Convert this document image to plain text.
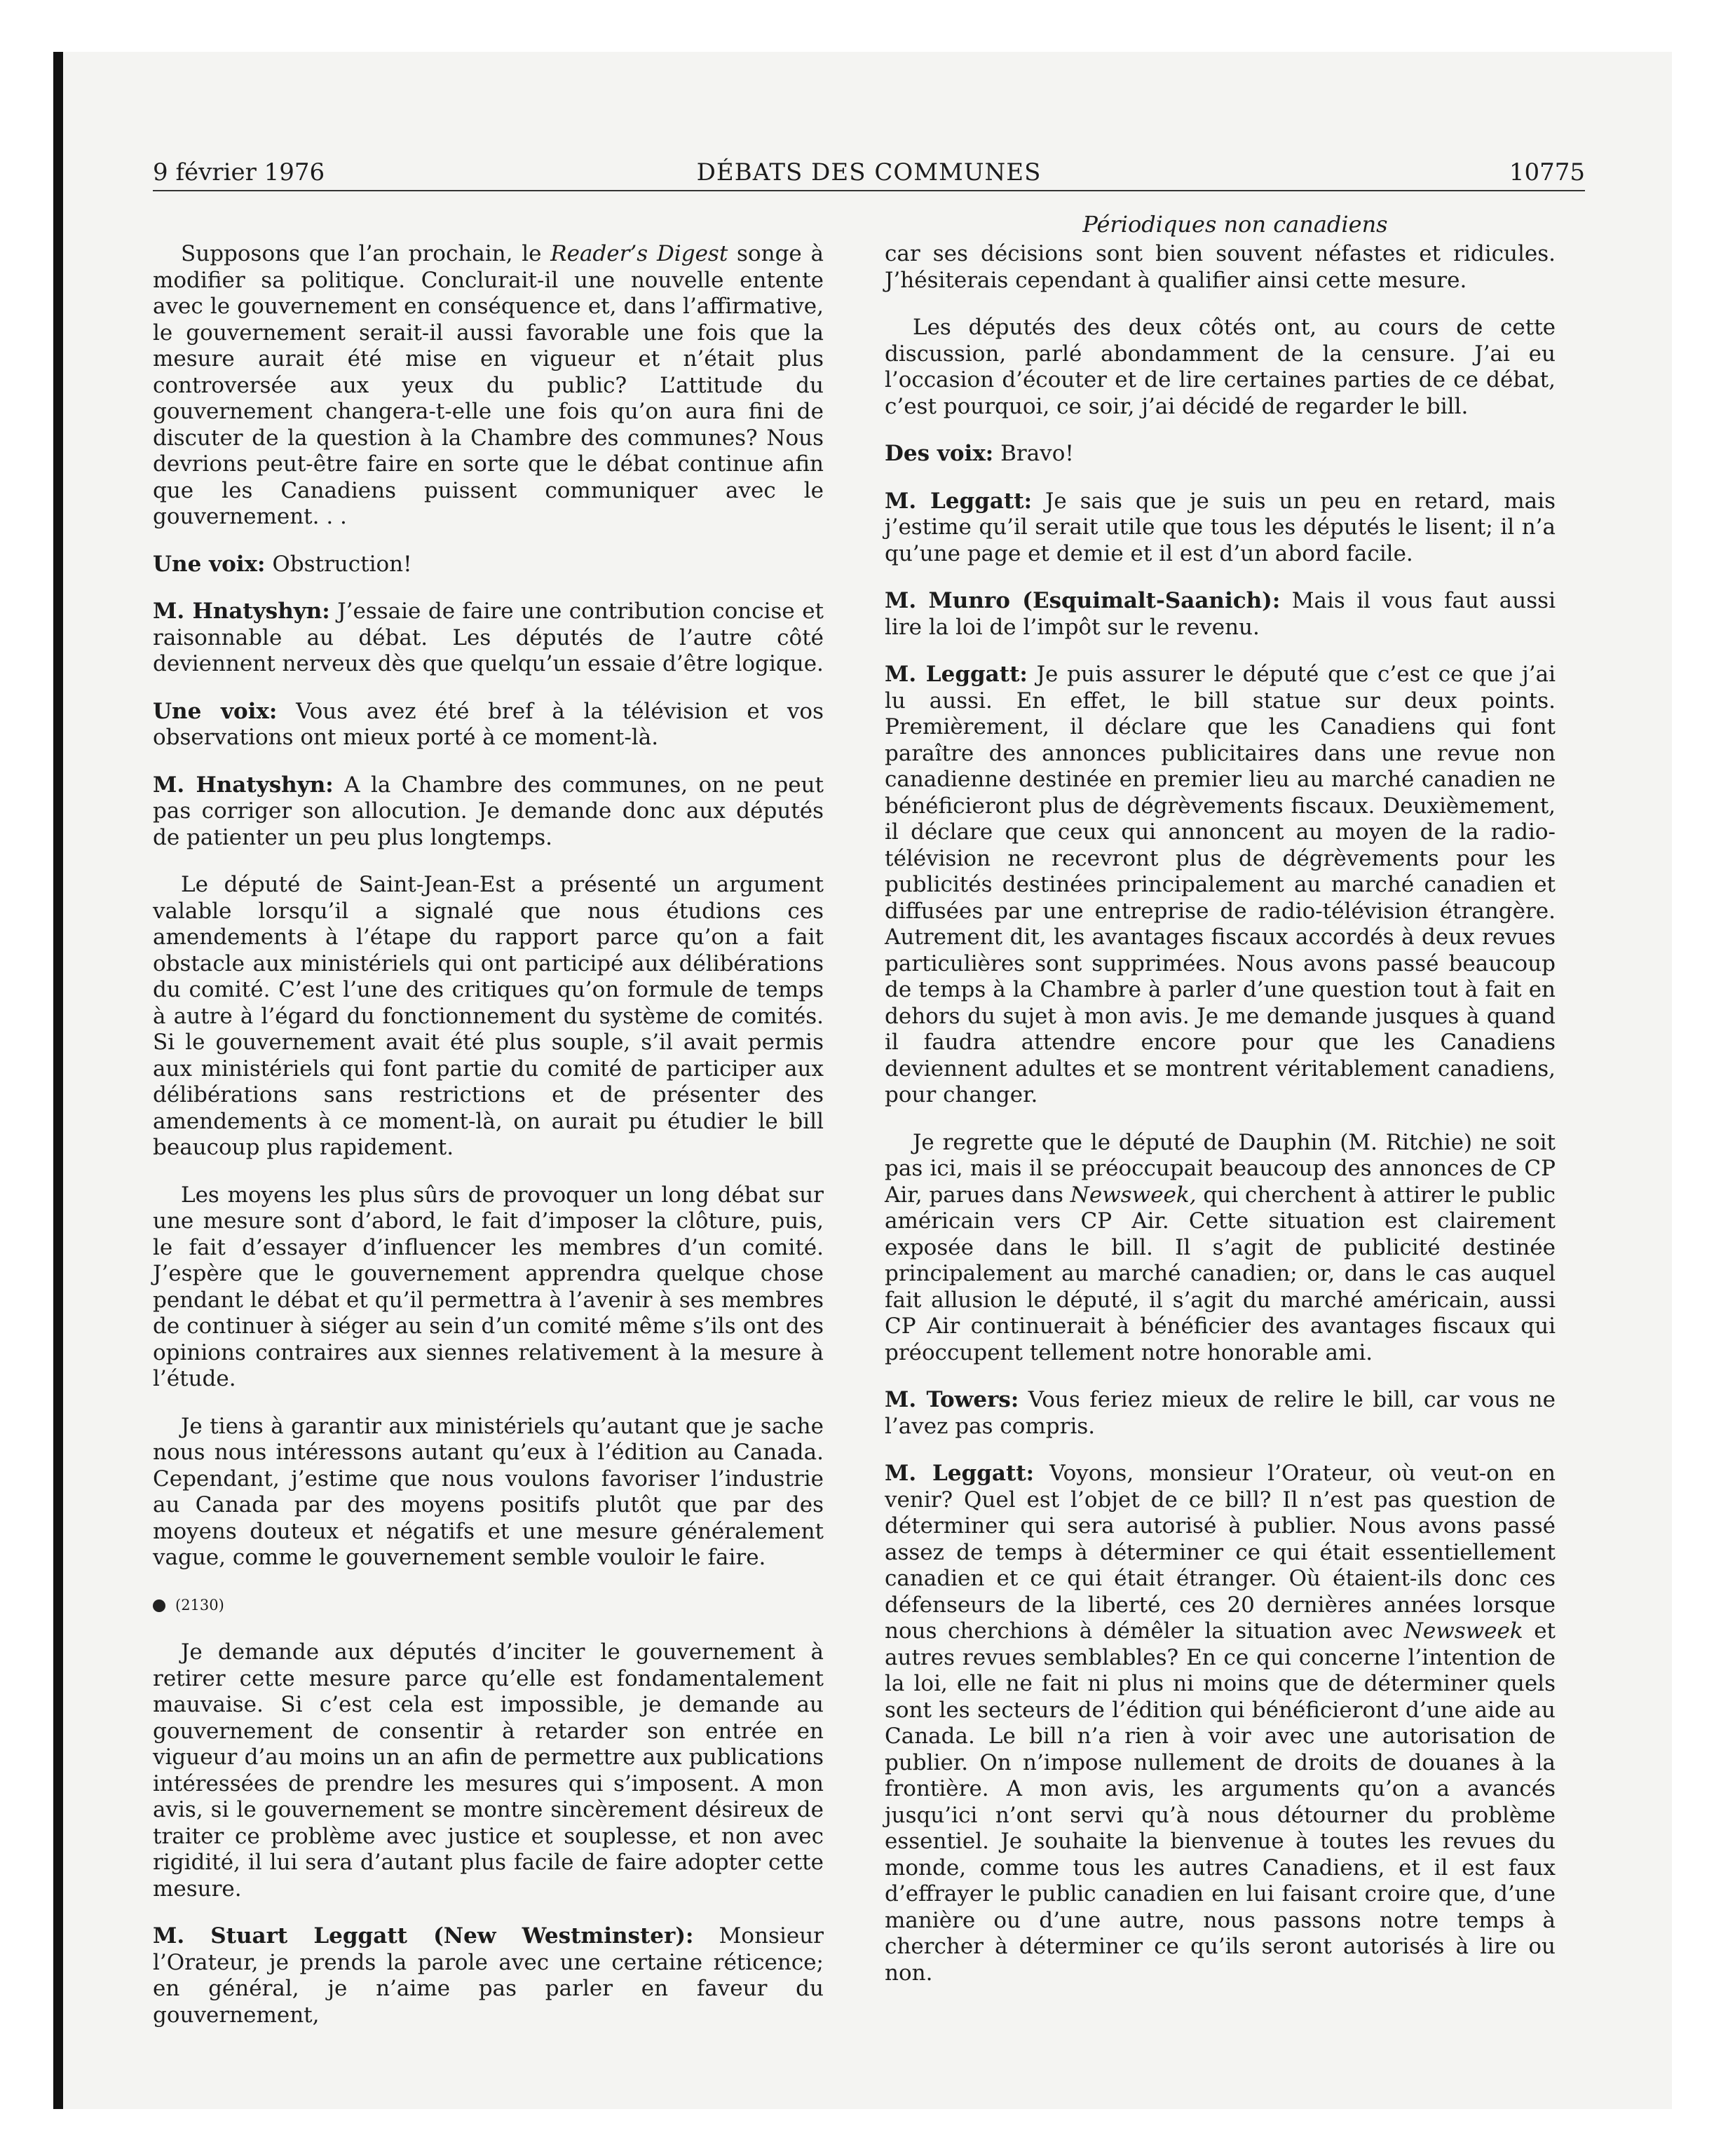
9 février 1976	DÉBATS DES COMMUNES	10775
Périodiques non canadiens

Supposons que l’an prochain, le Reader’s Digest songe à modifier sa politique. Conclurait-il une nouvelle entente avec le gouvernement en conséquence et, dans l’affirmative, le gouvernement serait-il aussi favorable une fois que la mesure aurait été mise en vigueur et n’était plus controversée aux yeux du public? L’attitude du gouvernement changera-t-elle une fois qu’on aura fini de discuter de la question à la Chambre des communes? Nous devrions peut-être faire en sorte que le débat continue afin que les Canadiens puissent communiquer avec le gouvernement. . .

Une voix: Obstruction!

M. Hnatyshyn: J’essaie de faire une contribution concise et raisonnable au débat. Les députés de l’autre côté deviennent nerveux dès que quelqu’un essaie d’être logique.

Une voix: Vous avez été bref à la télévision et vos observations ont mieux porté à ce moment-là.

M. Hnatyshyn: A la Chambre des communes, on ne peut pas corriger son allocution. Je demande donc aux députés de patienter un peu plus longtemps.

Le député de Saint-Jean-Est a présenté un argument valable lorsqu’il a signalé que nous étudions ces amendements à l’étape du rapport parce qu’on a fait obstacle aux ministériels qui ont participé aux délibérations du comité. C’est l’une des critiques qu’on formule de temps à autre à l’égard du fonctionnement du système de comités. Si le gouvernement avait été plus souple, s’il avait permis aux ministériels qui font partie du comité de participer aux délibérations sans restrictions et de présenter des amendements à ce moment-là, on aurait pu étudier le bill beaucoup plus rapidement.

Les moyens les plus sûrs de provoquer un long débat sur une mesure sont d’abord, le fait d’imposer la clôture, puis, le fait d’essayer d’influencer les membres d’un comité. J’espère que le gouvernement apprendra quelque chose pendant le débat et qu’il permettra à l’avenir à ses membres de continuer à siéger au sein d’un comité même s’ils ont des opinions contraires aux siennes relativement à la mesure à l’étude.

Je tiens à garantir aux ministériels qu’autant que je sache nous nous intéressons autant qu’eux à l’édition au Canada. Cependant, j’estime que nous voulons favoriser l’industrie au Canada par des moyens positifs plutôt que par des moyens douteux et négatifs et une mesure généralement vague, comme le gouvernement semble vouloir le faire.

(2130)

Je demande aux députés d’inciter le gouvernement à retirer cette mesure parce qu’elle est fondamentalement mauvaise. Si c’est cela est impossible, je demande au gouvernement de consentir à retarder son entrée en vigueur d’au moins un an afin de permettre aux publications intéressées de prendre les mesures qui s’imposent. A mon avis, si le gouvernement se montre sincèrement désireux de traiter ce problème avec justice et souplesse, et non avec rigidité, il lui sera d’autant plus facile de faire adopter cette mesure.

M. Stuart Leggatt (New Westminster): Monsieur l’Orateur, je prends la parole avec une certaine réticence; en général, je n’aime pas parler en faveur du gouvernement,

car ses décisions sont bien souvent néfastes et ridicules. J’hésiterais cependant à qualifier ainsi cette mesure.

Les députés des deux côtés ont, au cours de cette discussion, parlé abondamment de la censure. J’ai eu l’occasion d’écouter et de lire certaines parties de ce débat, c’est pourquoi, ce soir, j’ai décidé de regarder le bill.

Des voix: Bravo!

M. Leggatt: Je sais que je suis un peu en retard, mais j’estime qu’il serait utile que tous les députés le lisent; il n’a qu’une page et demie et il est d’un abord facile.

M. Munro (Esquimalt-Saanich): Mais il vous faut aussi lire la loi de l’impôt sur le revenu.

M. Leggatt: Je puis assurer le député que c’est ce que j’ai lu aussi. En effet, le bill statue sur deux points. Premièrement, il déclare que les Canadiens qui font paraître des annonces publicitaires dans une revue non canadienne destinée en premier lieu au marché canadien ne bénéficieront plus de dégrèvements fiscaux. Deuxièmement, il déclare que ceux qui annoncent au moyen de la radio-télévision ne recevront plus de dégrèvements pour les publicités destinées principalement au marché canadien et diffusées par une entreprise de radio-télévision étrangère. Autrement dit, les avantages fiscaux accordés à deux revues particulières sont supprimées. Nous avons passé beaucoup de temps à la Chambre à parler d’une question tout à fait en dehors du sujet à mon avis. Je me demande jusques à quand il faudra attendre encore pour que les Canadiens deviennent adultes et se montrent véritablement canadiens, pour changer.

Je regrette que le député de Dauphin (M. Ritchie) ne soit pas ici, mais il se préoccupait beaucoup des annonces de CP Air, parues dans Newsweek, qui cherchent à attirer le public américain vers CP Air. Cette situation est clairement exposée dans le bill. Il s’agit de publicité destinée principalement au marché canadien; or, dans le cas auquel fait allusion le député, il s’agit du marché américain, aussi CP Air continuerait à bénéficier des avantages fiscaux qui préoccupent tellement notre honorable ami.

M. Towers: Vous feriez mieux de relire le bill, car vous ne l’avez pas compris.

M. Leggatt: Voyons, monsieur l’Orateur, où veut-on en venir? Quel est l’objet de ce bill? Il n’est pas question de déterminer qui sera autorisé à publier. Nous avons passé assez de temps à déterminer ce qui était essentiellement canadien et ce qui était étranger. Où étaient-ils donc ces défenseurs de la liberté, ces 20 dernières années lorsque nous cherchions à démêler la situation avec Newsweek et autres revues semblables? En ce qui concerne l’intention de la loi, elle ne fait ni plus ni moins que de déterminer quels sont les secteurs de l’édition qui bénéficieront d’une aide au Canada. Le bill n’a rien à voir avec une autorisation de publier. On n’impose nullement de droits de douanes à la frontière. A mon avis, les arguments qu’on a avancés jusqu’ici n’ont servi qu’à nous détourner du problème essentiel. Je souhaite la bienvenue à toutes les revues du monde, comme tous les autres Canadiens, et il est faux d’effrayer le public canadien en lui faisant croire que, d’une manière ou d’une autre, nous passons notre temps à chercher à déterminer ce qu’ils seront autorisés à lire ou non.
